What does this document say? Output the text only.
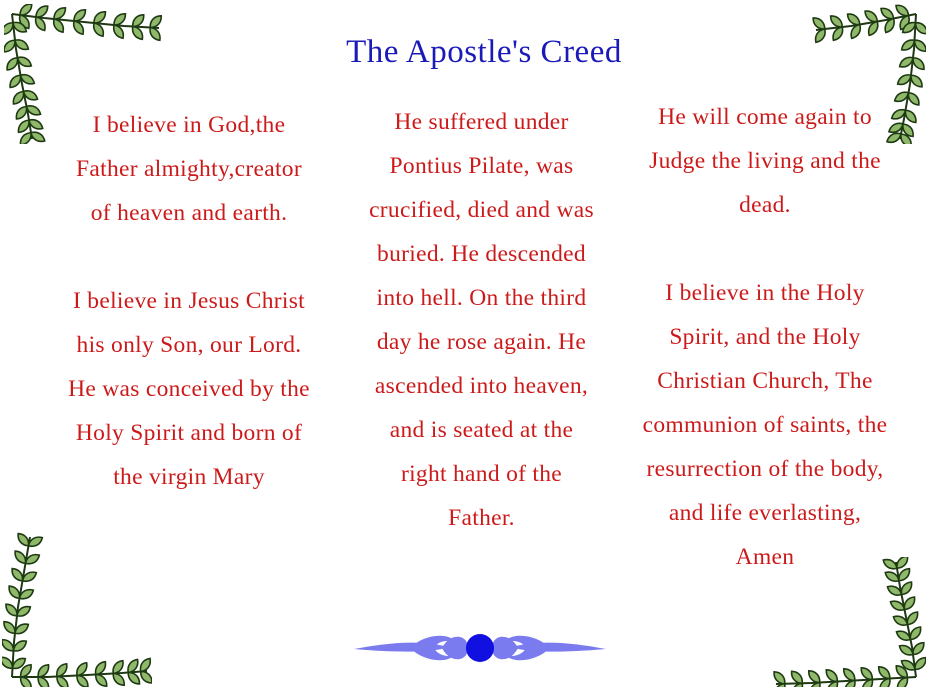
The Apostle's Creed

I believe in God,the
Father almighty,creator
of heaven and earth.

I believe in Jesus Christ
his only Son, our Lord.
He was conceived by the
Holy Spirit and born of
the virgin Mary

He suffered under
Pontius Pilate, was
crucified, died and was
buried. He descended
into hell. On the third
day he rose again. He
ascended into heaven,
and is seated at the
right hand of the
Father.

He will come again to
Judge the living and the
dead.

I believe in the Holy
Spirit, and the Holy
Christian Church, The
communion of saints, the
resurrection of the body,
and life everlasting,
Amen
